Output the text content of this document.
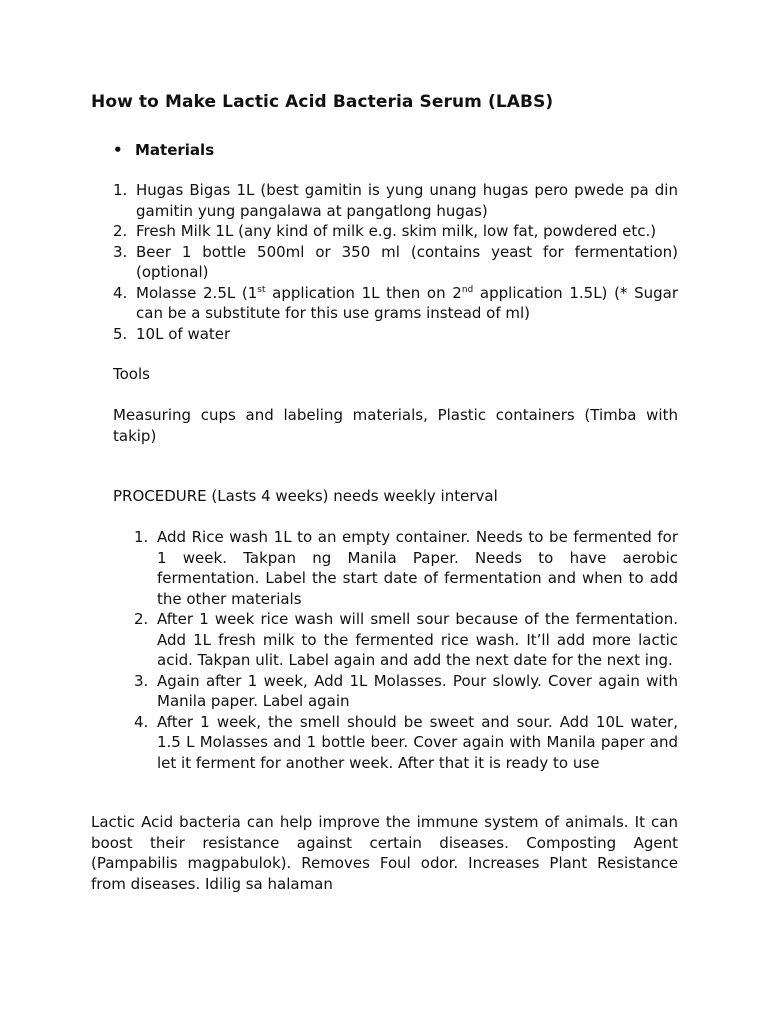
How to Make Lactic Acid Bacteria Serum (LABS)
• Materials
1. Hugas Bigas 1L (best gamitin is yung unang hugas pero pwede pa din gamitin yung pangalawa at pangatlong hugas)
2. Fresh Milk 1L (any kind of milk e.g. skim milk, low fat, powdered etc.)
3. Beer 1 bottle 500ml or 350 ml (contains yeast for fermentation) (optional)
4. Molasse 2.5L (1st application 1L then on 2nd application 1.5L) (* Sugar can be a substitute for this use grams instead of ml)
5. 10L of water
Tools
Measuring cups and labeling materials, Plastic containers (Timba with takip)
PROCEDURE (Lasts 4 weeks) needs weekly interval
1. Add Rice wash 1L to an empty container. Needs to be fermented for 1 week. Takpan ng Manila Paper. Needs to have aerobic fermentation. Label the start date of fermentation and when to add the other materials
2. After 1 week rice wash will smell sour because of the fermentation. Add 1L fresh milk to the fermented rice wash. It’ll add more lactic acid. Takpan ulit. Label again and add the next date for the next ing.
3. Again after 1 week, Add 1L Molasses. Pour slowly. Cover again with Manila paper. Label again
4. After 1 week, the smell should be sweet and sour. Add 10L water, 1.5 L Molasses and 1 bottle beer. Cover again with Manila paper and let it ferment for another week. After that it is ready to use
Lactic Acid bacteria can help improve the immune system of animals. It can boost their resistance against certain diseases. Composting Agent (Pampabilis magpabulok). Removes Foul odor. Increases Plant Resistance from diseases. Idilig sa halaman
